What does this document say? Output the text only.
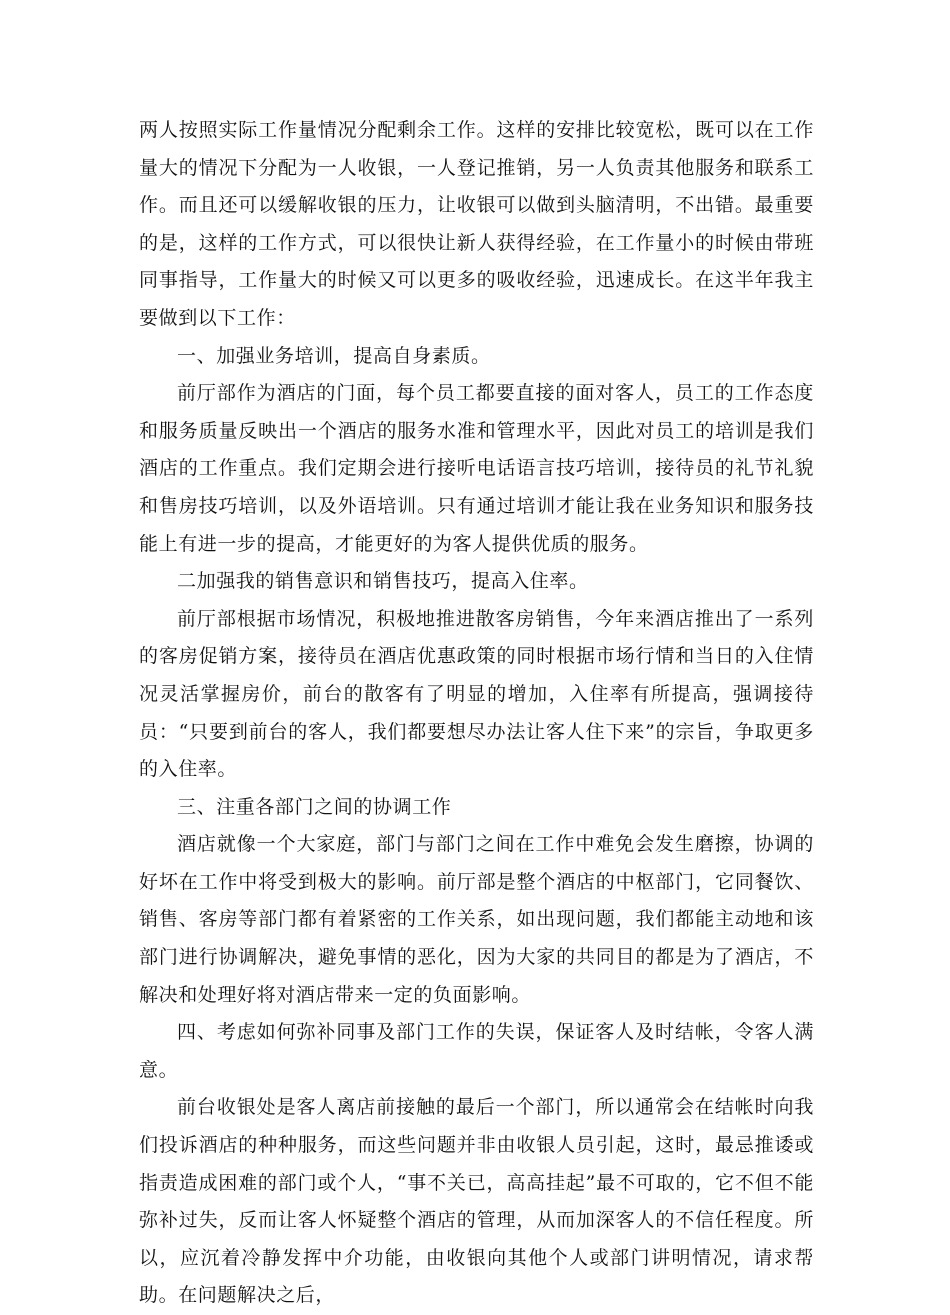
两人按照实际工作量情况分配剩余工作。这样的安排比较宽松，既可以在工作量大的情况下分配为一人收银，一人登记推销，另一人负责其他服务和联系工作。而且还可以缓解收银的压力，让收银可以做到头脑清明，不出错。最重要的是，这样的工作方式，可以很快让新人获得经验，在工作量小的时候由带班同事指导，工作量大的时候又可以更多的吸收经验，迅速成长。在这半年我主要做到以下工作：

一、加强业务培训，提高自身素质。

前厅部作为酒店的门面，每个员工都要直接的面对客人，员工的工作态度和服务质量反映出一个酒店的服务水准和管理水平，因此对员工的培训是我们酒店的工作重点。我们定期会进行接听电话语言技巧培训，接待员的礼节礼貌和售房技巧培训，以及外语培训。只有通过培训才能让我在业务知识和服务技能上有进一步的提高，才能更好的为客人提供优质的服务。

二加强我的销售意识和销售技巧，提高入住率。

前厅部根据市场情况，积极地推进散客房销售，今年来酒店推出了一系列的客房促销方案，接待员在酒店优惠政策的同时根据市场行情和当日的入住情况灵活掌握房价，前台的散客有了明显的增加，入住率有所提高，强调接待员：“只要到前台的客人，我们都要想尽办法让客人住下来”的宗旨，争取更多的入住率。

三、注重各部门之间的协调工作

酒店就像一个大家庭，部门与部门之间在工作中难免会发生磨擦，协调的好坏在工作中将受到极大的影响。前厅部是整个酒店的中枢部门，它同餐饮、销售、客房等部门都有着紧密的工作关系，如出现问题，我们都能主动地和该部门进行协调解决，避免事情的恶化，因为大家的共同目的都是为了酒店，不解决和处理好将对酒店带来一定的负面影响。

四、考虑如何弥补同事及部门工作的失误，保证客人及时结帐，令客人满意。

前台收银处是客人离店前接触的最后一个部门，所以通常会在结帐时向我们投诉酒店的种种服务，而这些问题并非由收银人员引起，这时，最忌推诿或指责造成困难的部门或个人，“事不关已，高高挂起”最不可取的，它不但不能弥补过失，反而让客人怀疑整个酒店的管理，从而加深客人的不信任程度。所以，应沉着冷静发挥中介功能，由收银向其他个人或部门讲明情况，请求帮助。在问题解决之后，
